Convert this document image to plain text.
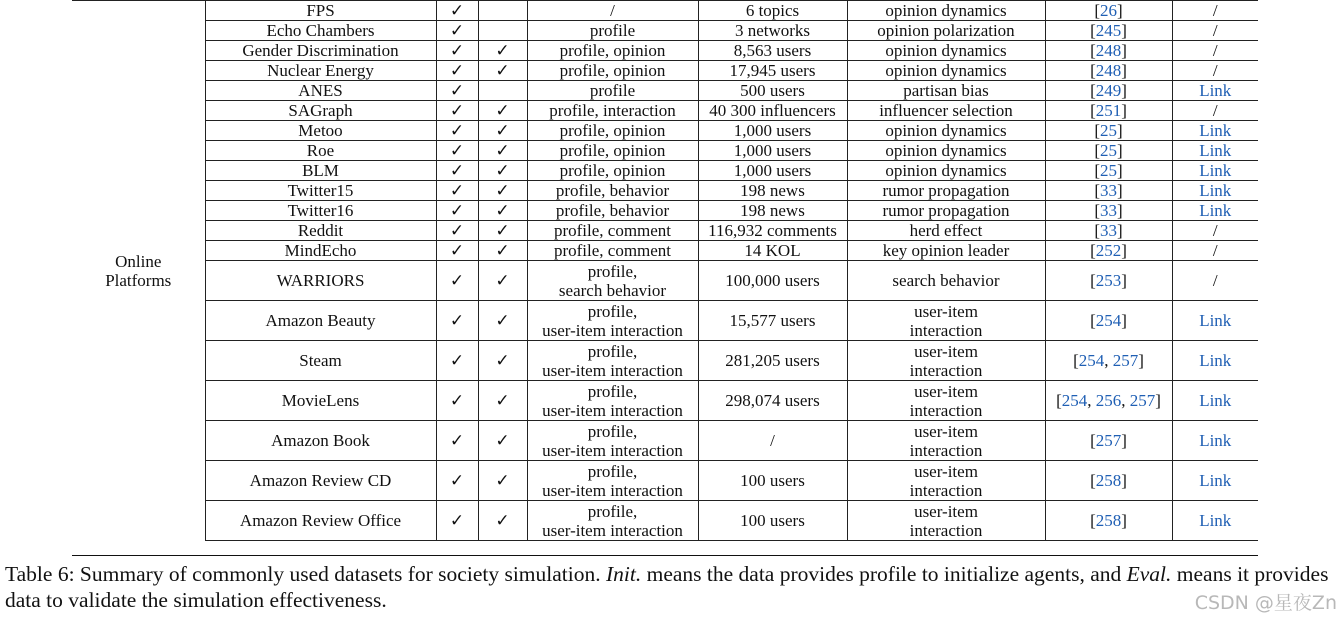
Online
Platforms	FPS	✓		/	6 topics	opinion dynamics	[26]	/
	Echo Chambers	✓		profile	3 networks	opinion polarization	[245]	/
	Gender Discrimination	✓	✓	profile, opinion	8,563 users	opinion dynamics	[248]	/
	Nuclear Energy	✓	✓	profile, opinion	17,945 users	opinion dynamics	[248]	/
	ANES	✓		profile	500 users	partisan bias	[249]	Link
	SAGraph	✓	✓	profile, interaction	40 300 influencers	influencer selection	[251]	/
	Metoo	✓	✓	profile, opinion	1,000 users	opinion dynamics	[25]	Link
	Roe	✓	✓	profile, opinion	1,000 users	opinion dynamics	[25]	Link
	BLM	✓	✓	profile, opinion	1,000 users	opinion dynamics	[25]	Link
	Twitter15	✓	✓	profile, behavior	198 news	rumor propagation	[33]	Link
	Twitter16	✓	✓	profile, behavior	198 news	rumor propagation	[33]	Link
	Reddit	✓	✓	profile, comment	116,932 comments	herd effect	[33]	/
	MindEcho	✓	✓	profile, comment	14 KOL	key opinion leader	[252]	/
	WARRIORS	✓	✓	profile,
search behavior	100,000 users	search behavior	[253]	/
	Amazon Beauty	✓	✓	profile,
user-item interaction	15,577 users	user-item
interaction	[254]	Link
	Steam	✓	✓	profile,
user-item interaction	281,205 users	user-item
interaction	[254, 257]	Link
	MovieLens	✓	✓	profile,
user-item interaction	298,074 users	user-item
interaction	[254, 256, 257]	Link
	Amazon Book	✓	✓	profile,
user-item interaction	/	user-item
interaction	[257]	Link
	Amazon Review CD	✓	✓	profile,
user-item interaction	100 users	user-item
interaction	[258]	Link
	Amazon Review Office	✓	✓	profile,
user-item interaction	100 users	user-item
interaction	[258]	Link
Table 6: Summary of commonly used datasets for society simulation. Init. means the data provides profile to initialize agents, and Eval. means it provides data to validate the simulation effectiveness.	CSDN @星夜Zn
